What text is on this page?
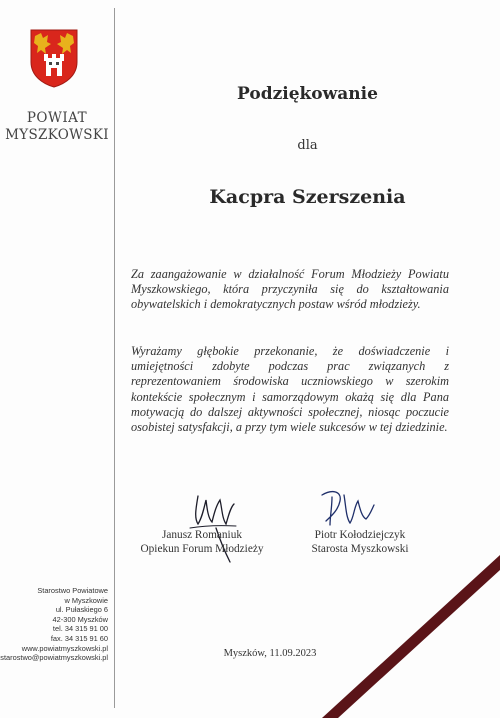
POWIAT
MYSZKOWSKI
Starostwo Powiatowe
w Myszkowie
ul. Pułaskiego 6
42-300 Myszków
tel. 34 315 91 00
fax. 34 315 91 60
www.powiatmyszkowski.pl
starostwo@powiatmyszkowski.pl
Podziękowanie
dla
Kacpra Szerszenia

Za zaangażowanie w działalność Forum Młodzieży Powiatu Myszkowskiego, która przyczyniła się do kształtowania obywatelskich i demokratycznych postaw wśród młodzieży.

Wyrażamy głębokie przekonanie, że doświadczenie i umiejętności zdobyte podczas prac związanych z reprezentowaniem środowiska uczniowskiego w szerokim kontekście społecznym i samorządowym okażą się dla Pana motywacją do dalszej aktywności społecznej, niosąc poczucie osobistej satysfakcji, a przy tym wiele sukcesów w tej dziedzinie.

Janusz Romaniuk
Opiekun Forum Młodzieży
Piotr Kołodziejczyk
Starosta Myszkowski
Myszków, 11.09.2023
